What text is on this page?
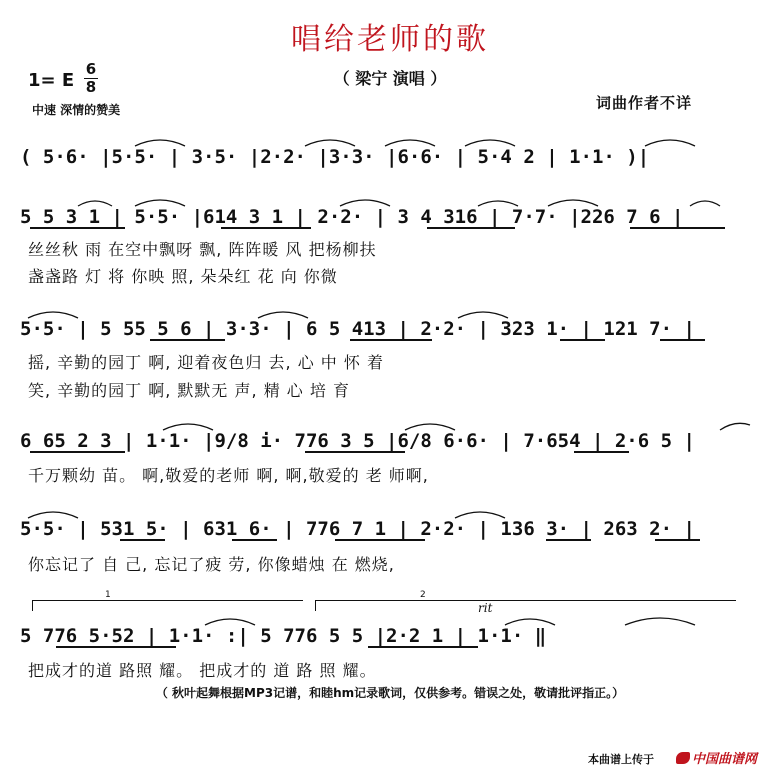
唱给老师的歌
（ 梁宁 演唱 ）
1= E
6
8
中速 深情的赞美	词曲作者不详
( 5·6· |5·5· | 3·5· |2·2· |3·3· |6·6· | 5·4 2 | 1·1· )|
5 5 3 1 | 5·5· |614 3 1 | 2·2· | 3 4 316 | 7·7· |226 7 6 |
丝丝秋 雨 在空中飘呀 飘, 阵阵暖 风 把杨柳扶
盏盏路 灯 将 你映 照, 朵朵红 花 向 你微
5·5· | 5 55 5 6 | 3·3· | 6 5 413 | 2·2· | 323 1· | 121 7· |
摇, 辛勤的园丁 啊, 迎着夜色归 去, 心 中 怀 着
笑, 辛勤的园丁 啊, 默默无 声, 精 心 培 育
6 65 2 3 | 1·1· |9/8 i· 776 3 5 |6/8 6·6· | 7·654 | 2·6 5 |
千万颗幼 苗。 啊,敬爱的老师 啊, 啊,敬爱的 老 师啊,
5·5· | 531 5· | 631 6· | 776 7 1 | 2·2· | 136 3· | 263 2· |
你忘记了 自 己, 忘记了疲 劳, 你像蜡烛 在 燃烧,
1	2
rit
5 776 5·52 | 1·1· :| 5 776 5 5 |2·2 1 | 1·1· ‖
把成才的道 路照 耀。 把成才的 道 路 照 耀。
（ 秋叶起舞根据MP3记谱，和睦hm记录歌词，仅供参考。错误之处，敬请批评指正。）
本曲谱上传于	中国曲谱网
